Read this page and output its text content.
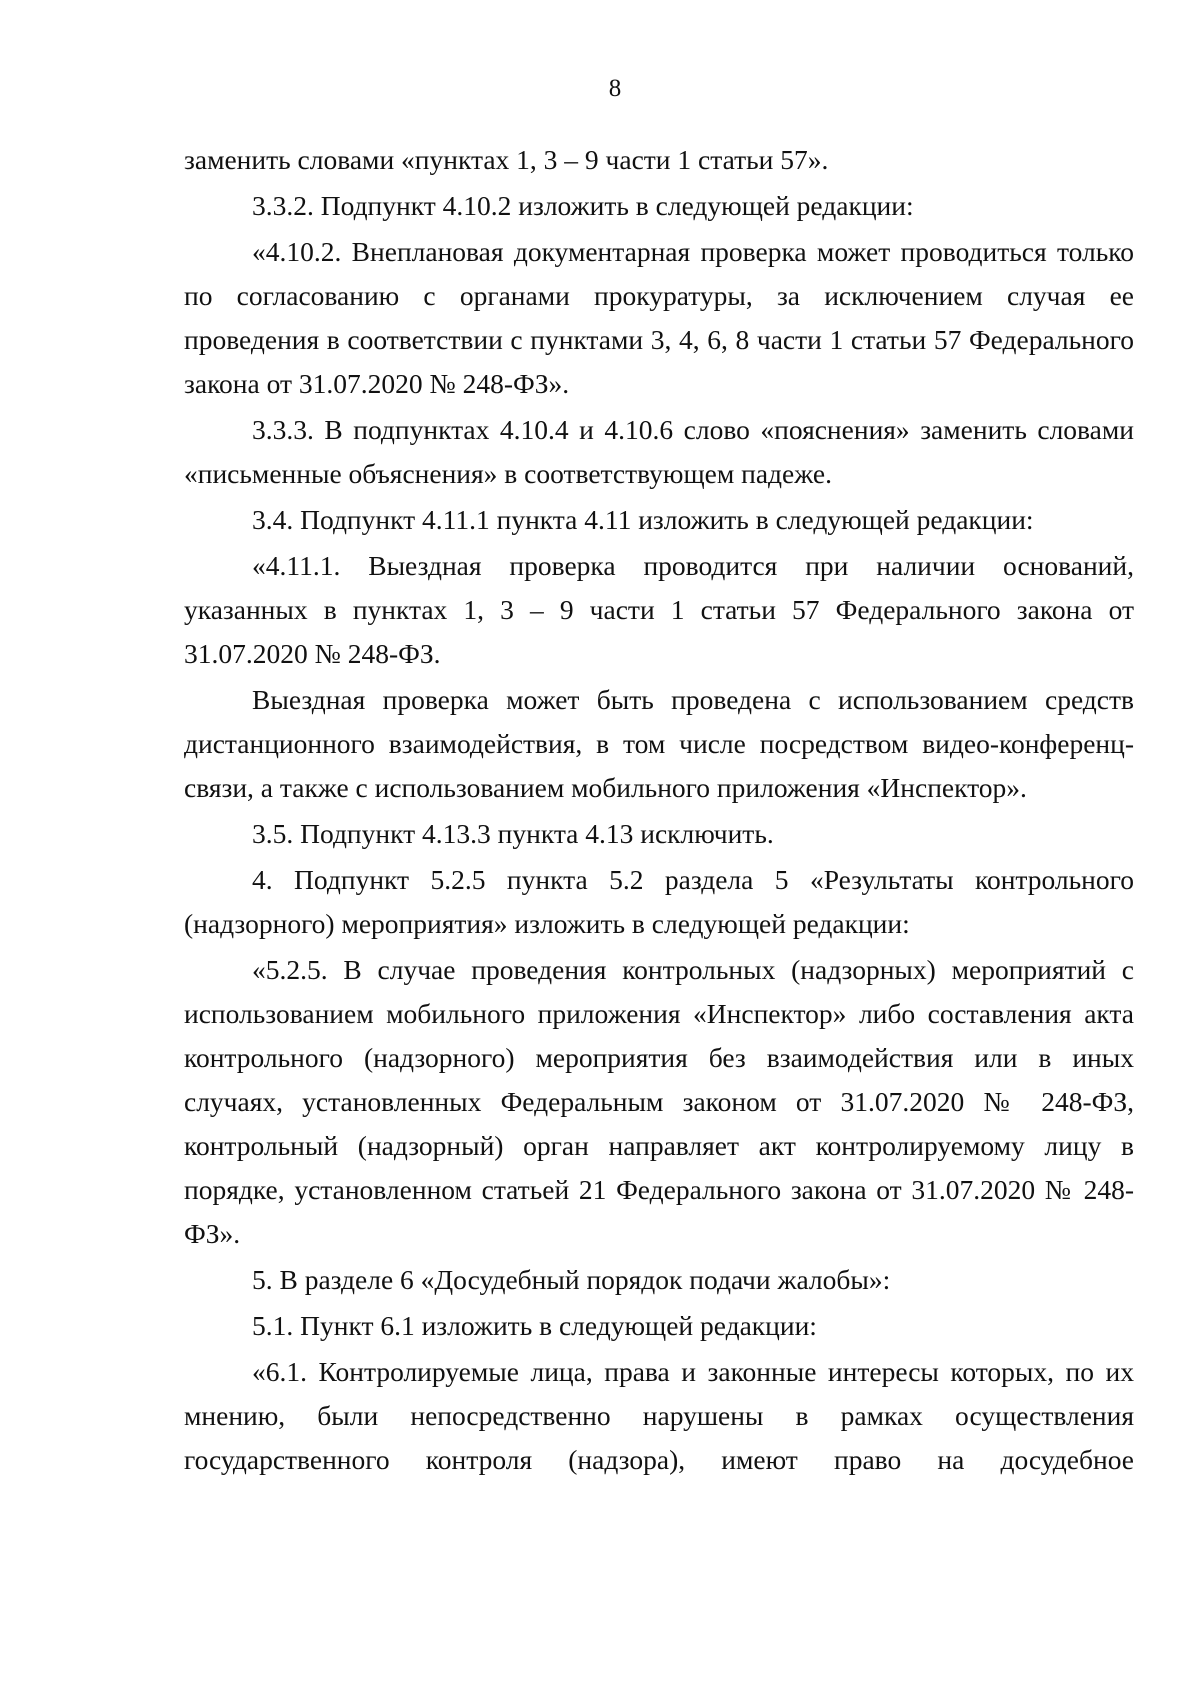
8

заменить словами «пунктах 1, 3 – 9 части 1 статьи 57».

3.3.2. Подпункт 4.10.2 изложить в следующей редакции:

«4.10.2. Внеплановая документарная проверка может проводиться только по согласованию с органами прокуратуры, за исключением случая ее проведения в соответствии с пунктами 3, 4, 6, 8 части 1 статьи 57 Федерального закона от 31.07.2020 № 248-ФЗ».

3.3.3. В подпунктах 4.10.4 и 4.10.6 слово «пояснения» заменить словами «письменные объяснения» в соответствующем падеже.

3.4. Подпункт 4.11.1 пункта 4.11 изложить в следующей редакции:

«4.11.1. Выездная проверка проводится при наличии оснований, указанных в пунктах 1, 3 – 9 части 1 статьи 57 Федерального закона от 31.07.2020 № 248-ФЗ.

Выездная проверка может быть проведена с использованием средств дистанционного взаимодействия, в том числе посредством видео-конференц-связи, а также с использованием мобильного приложения «Инспектор».

3.5. Подпункт 4.13.3 пункта 4.13 исключить.

4. Подпункт 5.2.5 пункта 5.2 раздела 5 «Результаты контрольного (надзорного) мероприятия» изложить в следующей редакции:

«5.2.5. В случае проведения контрольных (надзорных) мероприятий с использованием мобильного приложения «Инспектор» либо составления акта контрольного (надзорного) мероприятия без взаимодействия или в иных случаях, установленных Федеральным законом от 31.07.2020 № 248-ФЗ, контрольный (надзорный) орган направляет акт контролируемому лицу в порядке, установленном статьей 21 Федерального закона от 31.07.2020 № 248-ФЗ».

5. В разделе 6 «Досудебный порядок подачи жалобы»:

5.1. Пункт 6.1 изложить в следующей редакции:

«6.1. Контролируемые лица, права и законные интересы которых, по их мнению, были непосредственно нарушены в рамках осуществления государственного контроля (надзора), имеют право на досудебное
